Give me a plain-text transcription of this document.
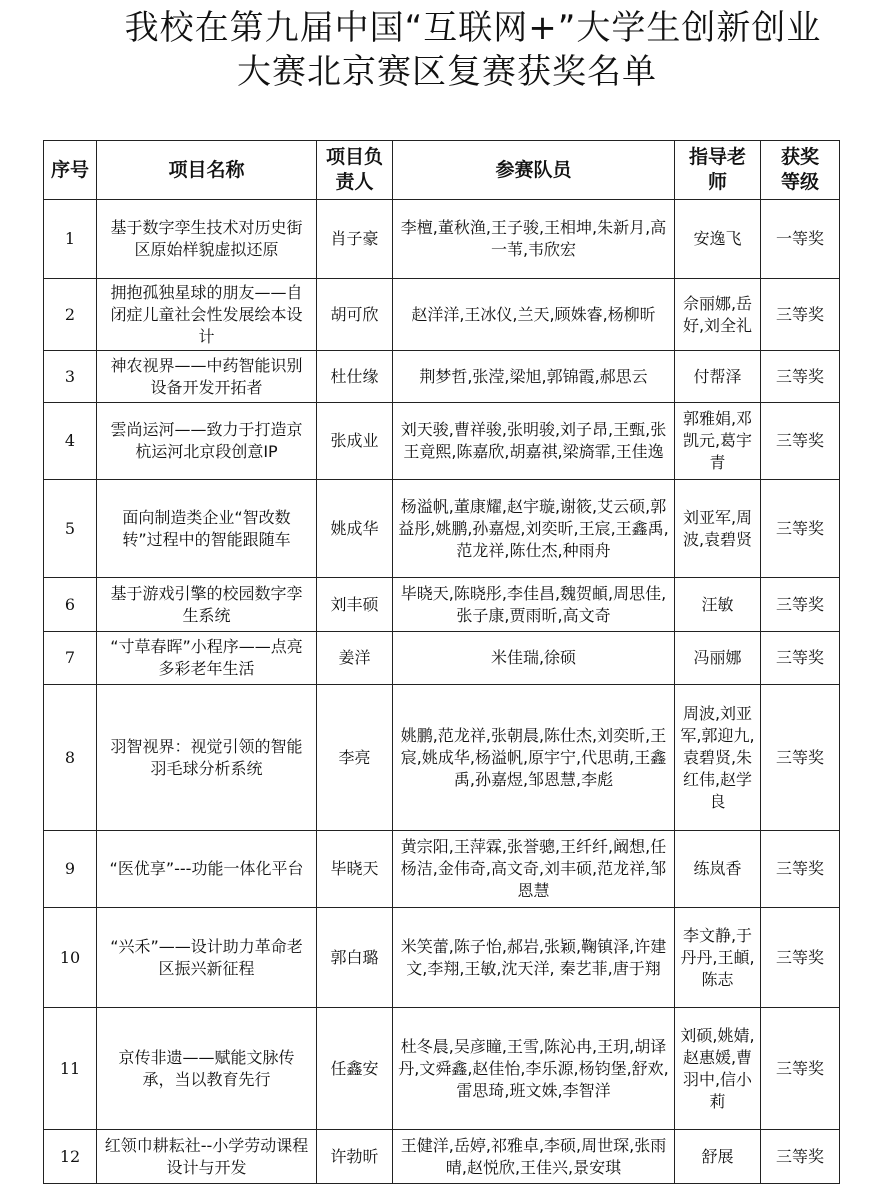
我校在第九届中国“互联网+”大学生创新创业
大赛北京赛区复赛获奖名单
序号	项目名称	项目负责人	参赛队员	指导老师	获奖等级
1	基于数字孪生技术对历史街区原始样貌虚拟还原	肖子豪	李檀,董秋渔,王子骏,王相坤,朱新月,高一苇,韦欣宏	安逸飞	一等奖
2	拥抱孤独星球的朋友——自闭症儿童社会性发展绘本设计	胡可欣	赵洋洋,王冰仪,兰天,顾姝睿,杨柳昕	佘丽娜,岳好,刘全礼	三等奖
3	神农视界——中药智能识别设备开发开拓者	杜仕缘	荆梦哲,张滢,梁旭,郭锦霞,郝思云	付帮泽	三等奖
4	雲尚运河——致力于打造京杭运河北京段创意IP	张成业	刘天骏,曹祥骏,张明骏,刘子昂,王甄,张王竟熙,陈嘉欣,胡嘉祺,梁旖霏,王佳逸	郭雅娟,邓凯元,葛宇青	三等奖
5	面向制造类企业“智改数转”过程中的智能跟随车	姚成华	杨溢帆,董康耀,赵宇璇,谢筱,艾云硕,郭益彤,姚鹏,孙嘉煜,刘奕昕,王宸,王鑫禹,范龙祥,陈仕杰,种雨舟	刘亚军,周波,袁碧贤	三等奖
6	基于游戏引擎的校园数字孪生系统	刘丰硕	毕晓天,陈晓彤,李佳昌,魏贺頔,周思佳,张子康,贾雨昕,高文奇	汪敏	三等奖
7	“寸草春晖”小程序——点亮多彩老年生活	姜洋	米佳瑞,徐硕	冯丽娜	三等奖
8	羽智视界：视觉引领的智能羽毛球分析系统	李亮	姚鹏,范龙祥,张朝晨,陈仕杰,刘奕昕,王宸,姚成华,杨溢帆,原宇宁,代思萌,王鑫禹,孙嘉煜,邹恩慧,李彪	周波,刘亚军,郭迎九,袁碧贤,朱红伟,赵学良	三等奖
9	“医优享”---功能一体化平台	毕晓天	黄宗阳,王萍霖,张誉骢,王纤纤,阚想,任杨洁,金伟奇,高文奇,刘丰硕,范龙祥,邹恩慧	练岚香	三等奖
10	“兴禾”——设计助力革命老区振兴新征程	郭白璐	米笑蕾,陈子怡,郝岩,张颖,鞠镇泽,许建文,李翔,王敏,沈天洋, 秦艺菲,唐于翔	李文静,于丹丹,王頔,陈志	三等奖
11	京传非遗——赋能文脉传承，当以教育先行	任鑫安	杜冬晨,吴彦瞳,王雪,陈沁冉,王玥,胡译丹,文舜鑫,赵佳怡,李乐源,杨钧堡,舒欢,雷思琦,班文姝,李智洋	刘硕,姚婧,赵惠媛,曹羽中,信小莉	三等奖
12	红领巾耕耘社--小学劳动课程设计与开发	许勃昕	王健洋,岳婷,祁雅卓,李硕,周世琛,张雨晴,赵悦欣,王佳兴,景安琪	舒展	三等奖
